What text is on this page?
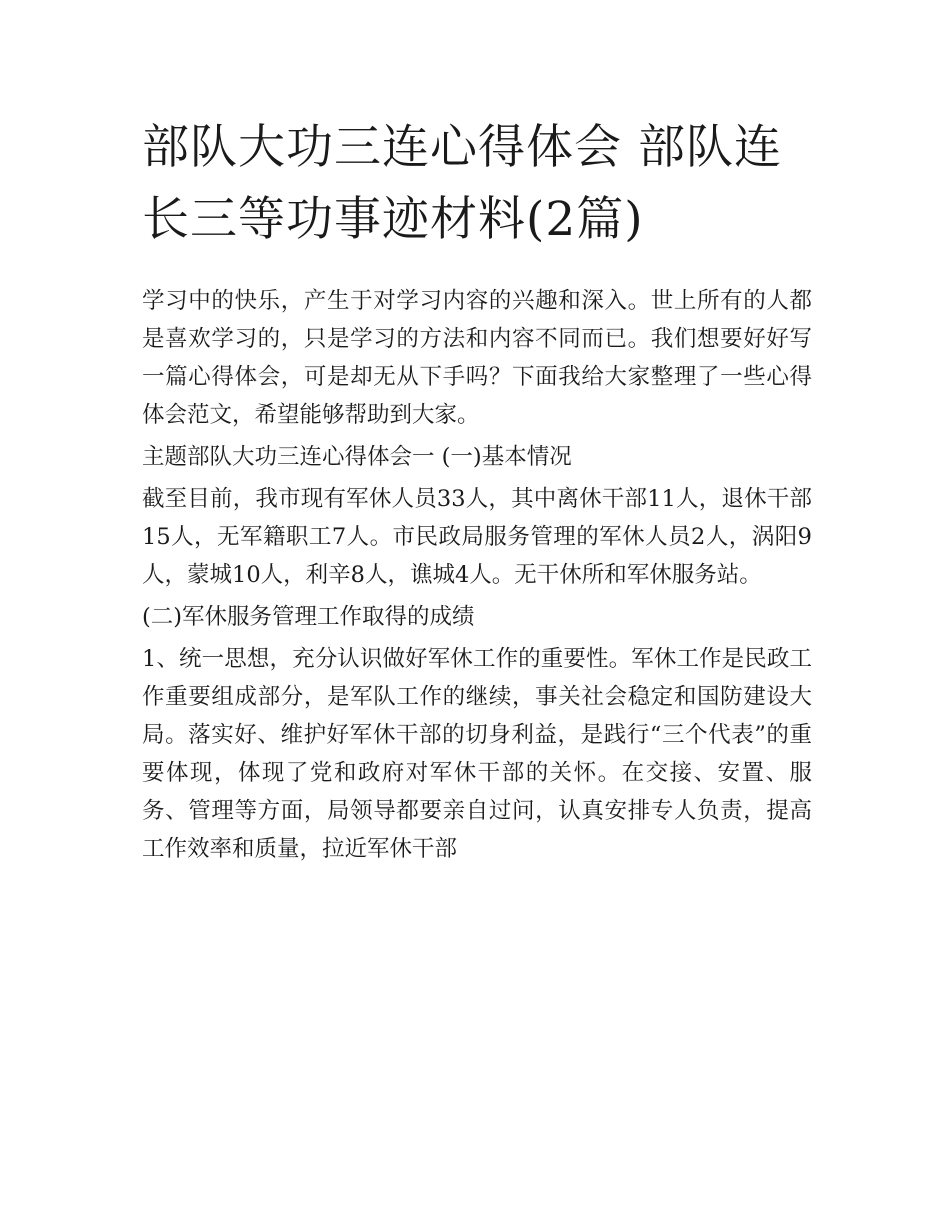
部队大功三连心得体会 部队连长三等功事迹材料(2篇)

学习中的快乐，产生于对学习内容的兴趣和深入。世上所有的人都是喜欢学习的，只是学习的方法和内容不同而已。我们想要好好写一篇心得体会，可是却无从下手吗？下面我给大家整理了一些心得体会范文，希望能够帮助到大家。

主题部队大功三连心得体会一 (一)基本情况

截至目前，我市现有军休人员33人，其中离休干部11人，退休干部15人，无军籍职工7人。市民政局服务管理的军休人员2人，涡阳9人，蒙城10人，利辛8人，谯城4人。无干休所和军休服务站。

(二)军休服务管理工作取得的成绩

1、统一思想，充分认识做好军休工作的重要性。军休工作是民政工作重要组成部分，是军队工作的继续，事关社会稳定和国防建设大局。落实好、维护好军休干部的切身利益，是践行“三个代表”的重要体现，体现了党和政府对军休干部的关怀。在交接、安置、服务、管理等方面，局领导都要亲自过问，认真安排专人负责，提高工作效率和质量，拉近军休干部
